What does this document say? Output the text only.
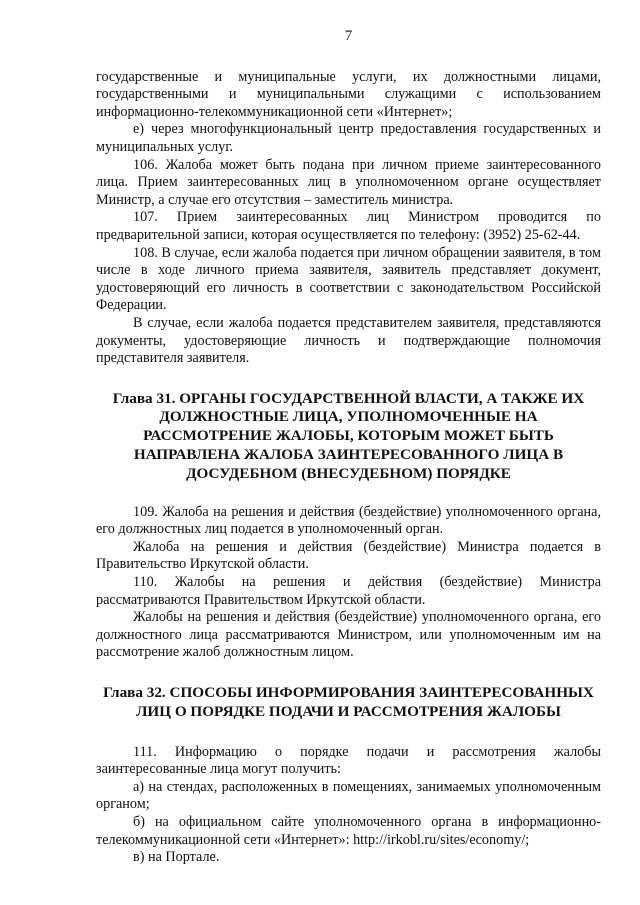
7

государственные и муниципальные услуги, их должностными лицами, государственными и муниципальными служащими с использованием информационно-телекоммуникационной сети «Интернет»;

е) через многофункциональный центр предоставления государственных и муниципальных услуг.

106. Жалоба может быть подана при личном приеме заинтересованного лица. Прием заинтересованных лиц в уполномоченном органе осуществляет Министр, а случае его отсутствия – заместитель министра.

107. Прием заинтересованных лиц Министром проводится по предварительной записи, которая осуществляется по телефону: (3952) 25-62-44.

108. В случае, если жалоба подается при личном обращении заявителя, в том числе в ходе личного приема заявителя, заявитель представляет документ, удостоверяющий его личность в соответствии с законодательством Российской Федерации.

В случае, если жалоба подается представителем заявителя, представляются документы, удостоверяющие личность и подтверждающие полномочия представителя заявителя.

Глава 31. ОРГАНЫ ГОСУДАРСТВЕННОЙ ВЛАСТИ, А ТАКЖЕ ИХ ДОЛЖНОСТНЫЕ ЛИЦА, УПОЛНОМОЧЕННЫЕ НА РАССМОТРЕНИЕ ЖАЛОБЫ, КОТОРЫМ МОЖЕТ БЫТЬ НАПРАВЛЕНА ЖАЛОБА ЗАИНТЕРЕСОВАННОГО ЛИЦА В ДОСУДЕБНОМ (ВНЕСУДЕБНОМ) ПОРЯДКЕ

109. Жалоба на решения и действия (бездействие) уполномоченного органа, его должностных лиц подается в уполномоченный орган.

Жалоба на решения и действия (бездействие) Министра подается в Правительство Иркутской области.

110. Жалобы на решения и действия (бездействие) Министра рассматриваются Правительством Иркутской области.

Жалобы на решения и действия (бездействие) уполномоченного органа, его должностного лица рассматриваются Министром, или уполномоченным им на рассмотрение жалоб должностным лицом.

Глава 32. СПОСОБЫ ИНФОРМИРОВАНИЯ ЗАИНТЕРЕСОВАННЫХ ЛИЦ О ПОРЯДКЕ ПОДАЧИ И РАССМОТРЕНИЯ ЖАЛОБЫ

111. Информацию о порядке подачи и рассмотрения жалобы заинтересованные лица могут получить:

а) на стендах, расположенных в помещениях, занимаемых уполномоченным органом;

б) на официальном сайте уполномоченного органа в информационно-телекоммуникационной сети «Интернет»: http://irkobl.ru/sites/economy/;

в) на Портале.
